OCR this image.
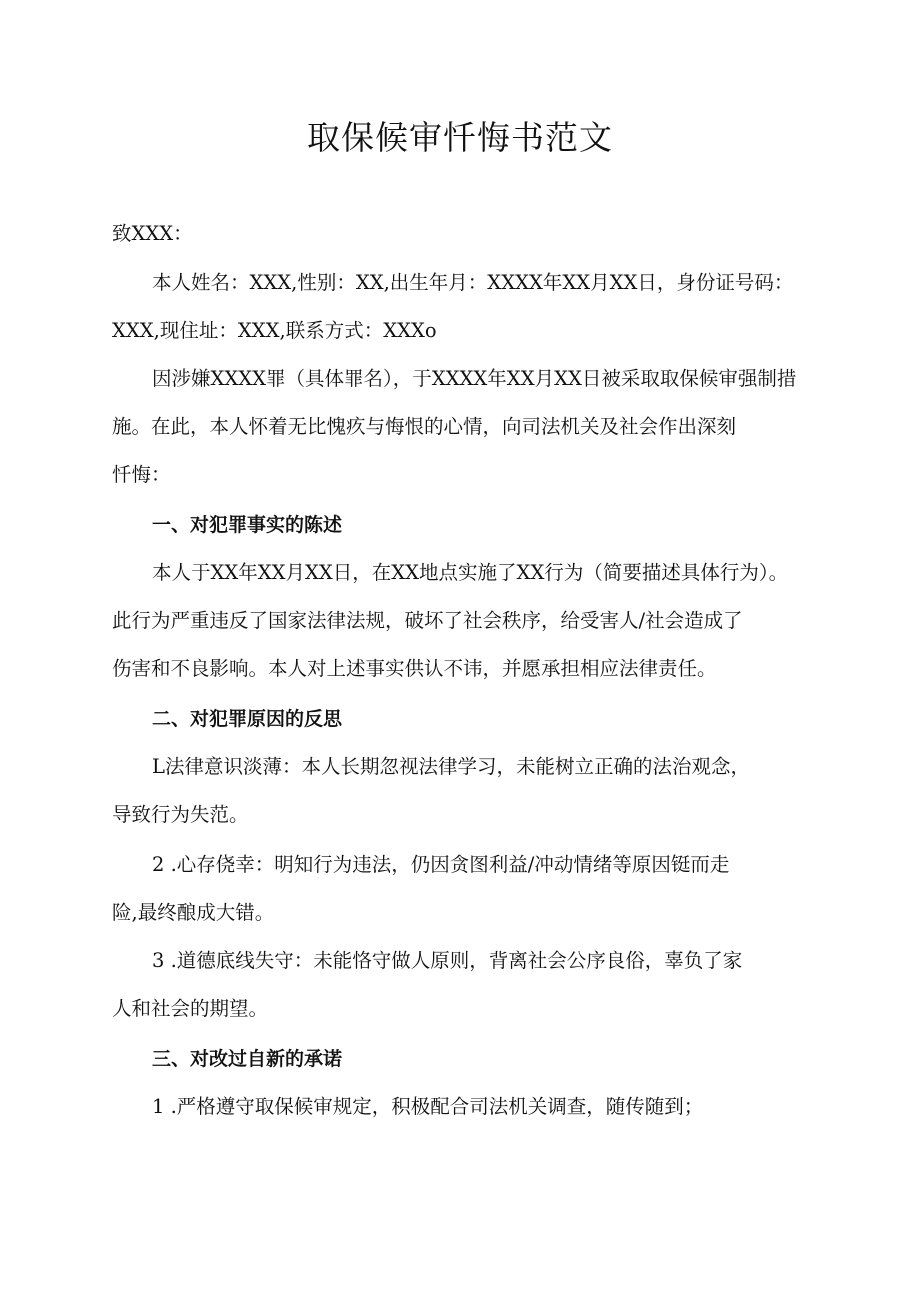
取保候审忏悔书范文

致XXX：

本人姓名：XXX,性别：XX,出生年月：XXXX年XX月XX日，身份证号码：

XXX,现住址：XXX,联系方式：XXXo

因涉嫌XXXX罪（具体罪名），于XXXX年XX月XX日被采取取保候审强制措

施。在此，本人怀着无比愧疚与悔恨的心情，向司法机关及社会作出深刻

忏悔：

一、对犯罪事实的陈述

本人于XX年XX月XX日，在XX地点实施了XX行为（简要描述具体行为）。

此行为严重违反了国家法律法规，破坏了社会秩序，给受害人/社会造成了

伤害和不良影响。本人对上述事实供认不讳，并愿承担相应法律责任。

二、对犯罪原因的反思

L法律意识淡薄：本人长期忽视法律学习，未能树立正确的法治观念，

导致行为失范。

2 .心存侥幸：明知行为违法，仍因贪图利益/冲动情绪等原因铤而走

险,最终酿成大错。

3 .道德底线失守：未能恪守做人原则，背离社会公序良俗，辜负了家

人和社会的期望。

三、对改过自新的承诺

1 .严格遵守取保候审规定，积极配合司法机关调查，随传随到；
